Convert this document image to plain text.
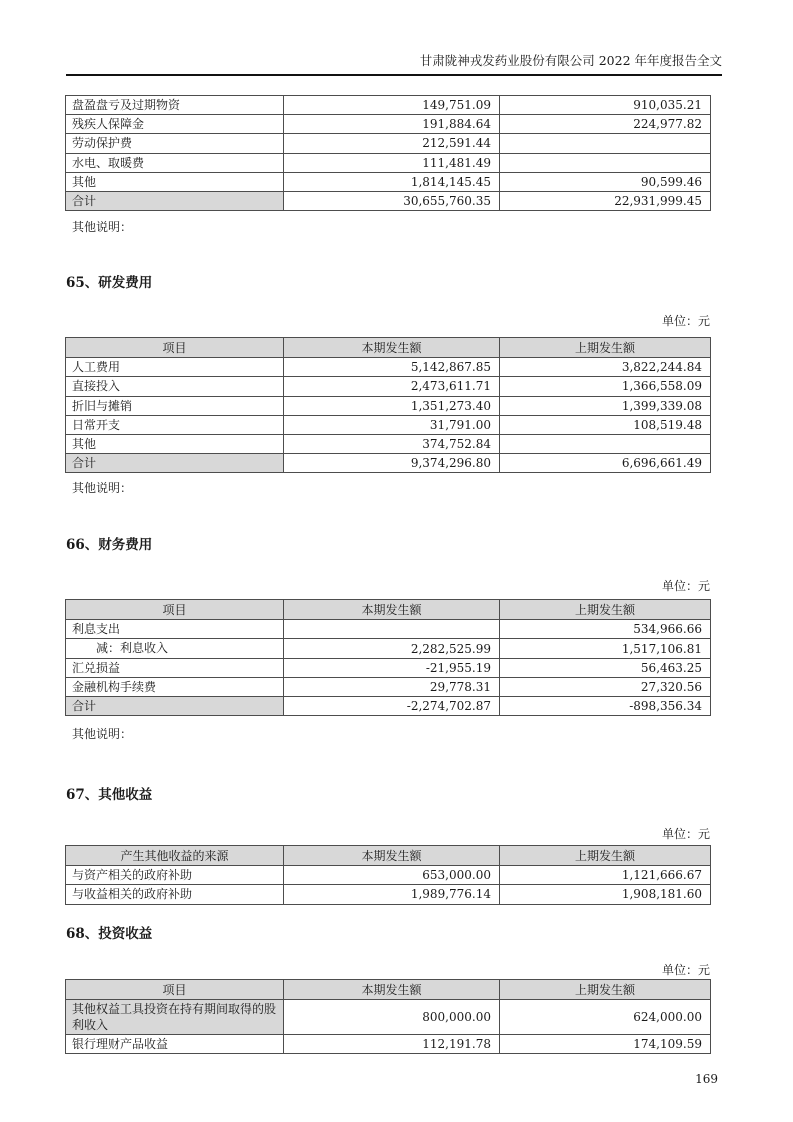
甘肃陇神戎发药业股份有限公司 2022 年年度报告全文
盘盈盘亏及过期物资	149,751.09	910,035.21
残疾人保障金	191,884.64	224,977.82
劳动保护费	212,591.44	
水电、取暖费	111,481.49	
其他	1,814,145.45	90,599.46
合计	30,655,760.35	22,931,999.45
其他说明：
65、研发费用
单位：元
项目	本期发生额	上期发生额
人工费用	5,142,867.85	3,822,244.84
直接投入	2,473,611.71	1,366,558.09
折旧与摊销	1,351,273.40	1,399,339.08
日常开支	31,791.00	108,519.48
其他	374,752.84	
合计	9,374,296.80	6,696,661.49
其他说明：
66、财务费用
单位：元
项目	本期发生额	上期发生额
利息支出		534,966.66
减：利息收入	2,282,525.99	1,517,106.81
汇兑损益	-21,955.19	56,463.25
金融机构手续费	29,778.31	27,320.56
合计	-2,274,702.87	-898,356.34
其他说明：
67、其他收益
单位：元
产生其他收益的来源	本期发生额	上期发生额
与资产相关的政府补助	653,000.00	1,121,666.67
与收益相关的政府补助	1,989,776.14	1,908,181.60
68、投资收益
单位：元
项目	本期发生额	上期发生额
其他权益工具投资在持有期间取得的股利收入	800,000.00	624,000.00
银行理财产品收益	112,191.78	174,109.59
169
